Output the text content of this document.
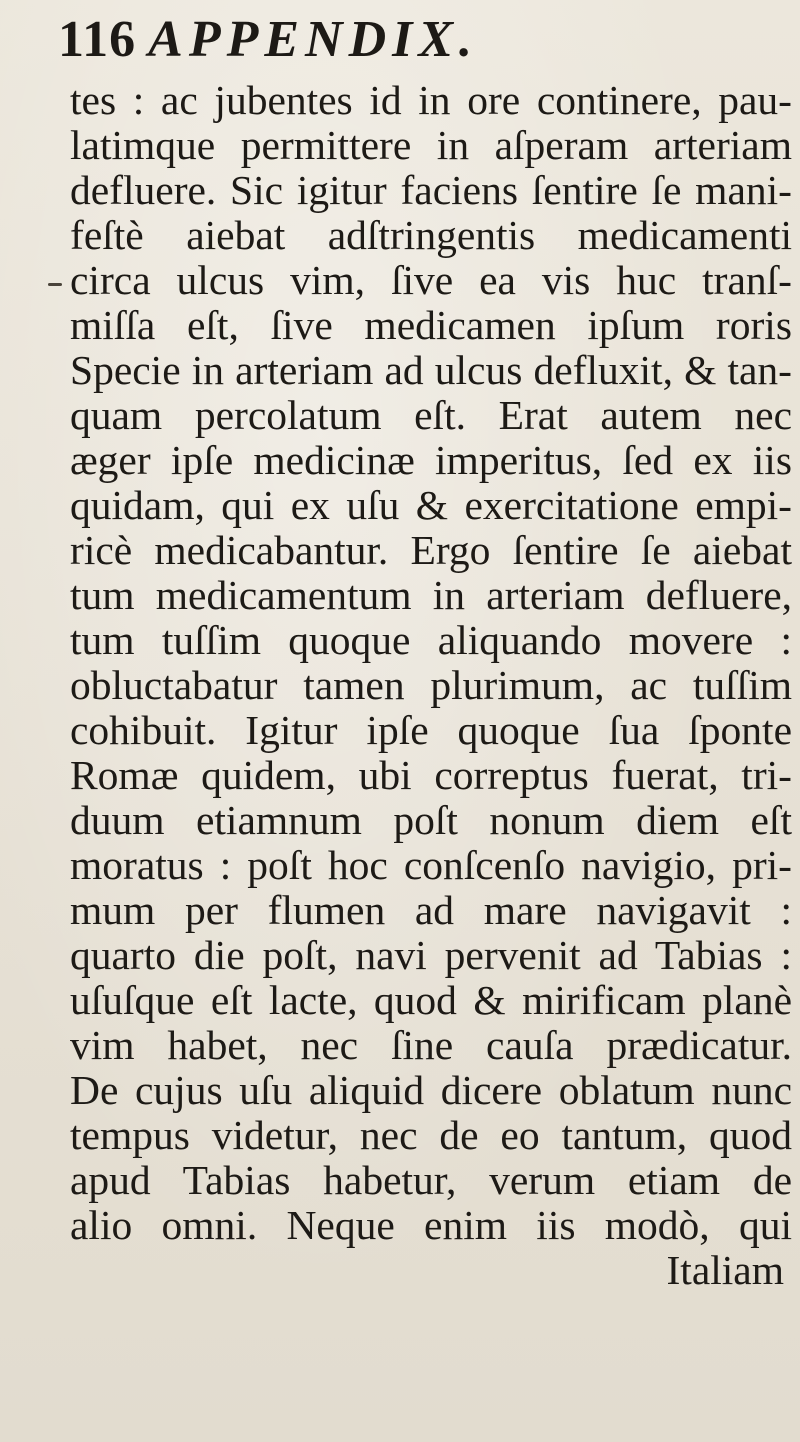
116 APPENDIX.
tes : ac jubentes id in ore continere, pau-
latimque permittere in aſperam arteriam
defluere. Sic igitur faciens ſentire ſe mani-
feſtè aiebat adſtringentis medicamenti
circa ulcus vim, ſive ea vis huc tranſ-
miſſa eſt, ſive medicamen ipſum roris
Specie in arteriam ad ulcus defluxit, & tan-
quam percolatum eſt. Erat autem nec
æger ipſe medicinæ imperitus, ſed ex iis
quidam, qui ex uſu & exercitatione empi-
ricè medicabantur. Ergo ſentire ſe aiebat
tum medicamentum in arteriam defluere,
tum tuſſim quoque aliquando movere :
obluctabatur tamen plurimum, ac tuſſim
cohibuit. Igitur ipſe quoque ſua ſponte
Romæ quidem, ubi correptus fuerat, tri-
duum etiamnum poſt nonum diem eſt
moratus : poſt hoc conſcenſo navigio, pri-
mum per flumen ad mare navigavit :
quarto die poſt, navi pervenit ad Tabias :
uſuſque eſt lacte, quod & mirificam planè
vim habet, nec ſine cauſa prædicatur.
De cujus uſu aliquid dicere oblatum nunc
tempus videtur, nec de eo tantum, quod
apud Tabias habetur, verum etiam de
alio omni. Neque enim iis modò, qui
Italiam
